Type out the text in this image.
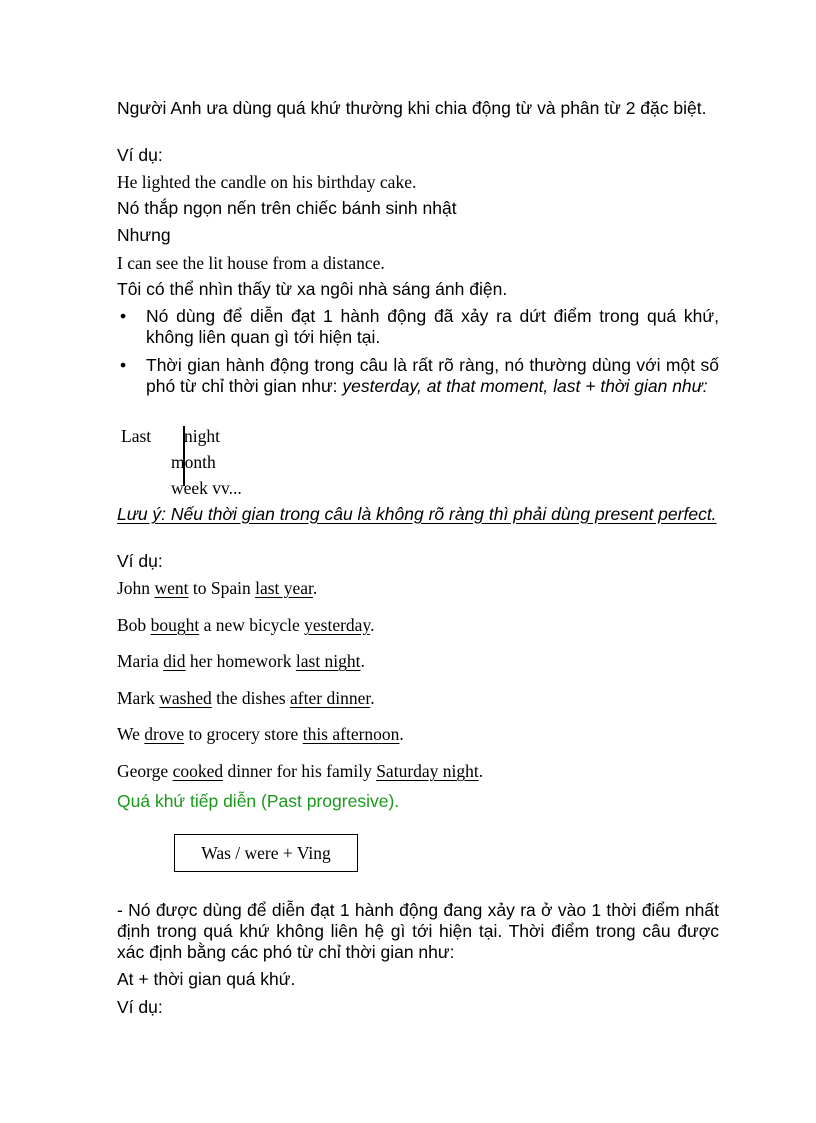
Người Anh ưa dùng quá khứ thường khi chia động từ và phân từ 2 đặc biệt.

Ví dụ:

He lighted the candle on his birthday cake.

Nó thắp ngọn nến trên chiếc bánh sinh nhật

Nhưng

I can see the lit house from a distance.

Tôi có thể nhìn thấy từ xa ngôi nhà sáng ánh điện.

• Nó dùng để diễn đạt 1 hành động đã xảy ra dứt điểm trong quá khứ, không liên quan gì tới hiện tại.
• Thời gian hành động trong câu là rất rõ ràng, nó thường dùng với một số phó từ chỉ thời gian như: yesterday, at that moment, last + thời gian như:
Last night
month
week vv...

Lưu ý: Nếu thời gian trong câu là không rõ ràng thì phải dùng present perfect.

Ví dụ:

John went to Spain last year.

Bob bought a new bicycle yesterday.

Maria did her homework last night.

Mark washed the dishes after dinner.

We drove to grocery store this afternoon.

George cooked dinner for his family Saturday night.

Quá khứ tiếp diễn (Past progresive).

Was / were + Ving

- Nó được dùng để diễn đạt 1 hành động đang xảy ra ở vào 1 thời điểm nhất định trong quá khứ không liên hệ gì tới hiện tại. Thời điểm trong câu được xác định bằng các phó từ chỉ thời gian như:

At + thời gian quá khứ.

Ví dụ:
